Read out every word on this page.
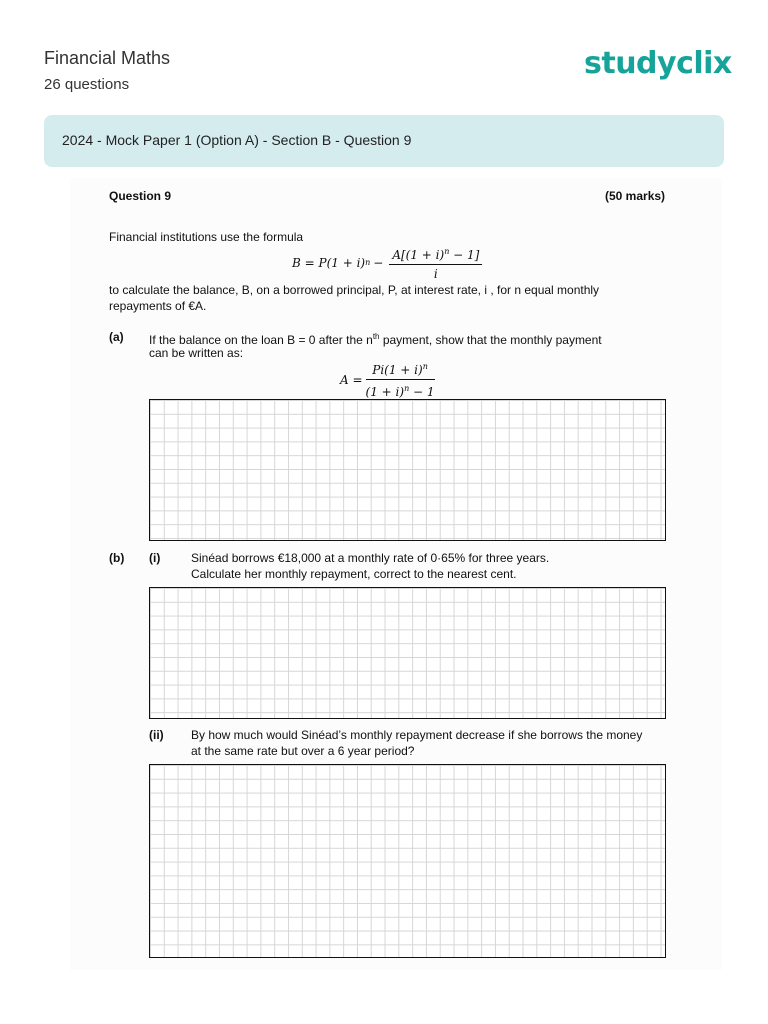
Financial Maths
26 questions
studyclix
2024 - Mock Paper 1 (Option A) - Section B - Question 9
Question 9	(50 marks)
Financial institutions use the formula
B = P(1 + i) $n - \frac{A[(1 + i)^n - 1]}{i}$
to calculate the balance, B, on a borrowed principal, P, at interest rate, i , for n equal monthly
repayments of €A.
(a) If the balance on the loan B = 0 after the $n^{th}$ payment, show that the monthly payment
can be written as:
$A = \frac{Pi(1 + i)^n}{(1 + i)^n - 1}$
(b) (i)	Sinéad borrows €18,000 at a monthly rate of 0·65% for three years.
Calculate her monthly repayment, correct to the nearest cent.
(ii) By how much would Sinéad’s monthly repayment decrease if she borrows the money
at the same rate but over a 6 year period?
